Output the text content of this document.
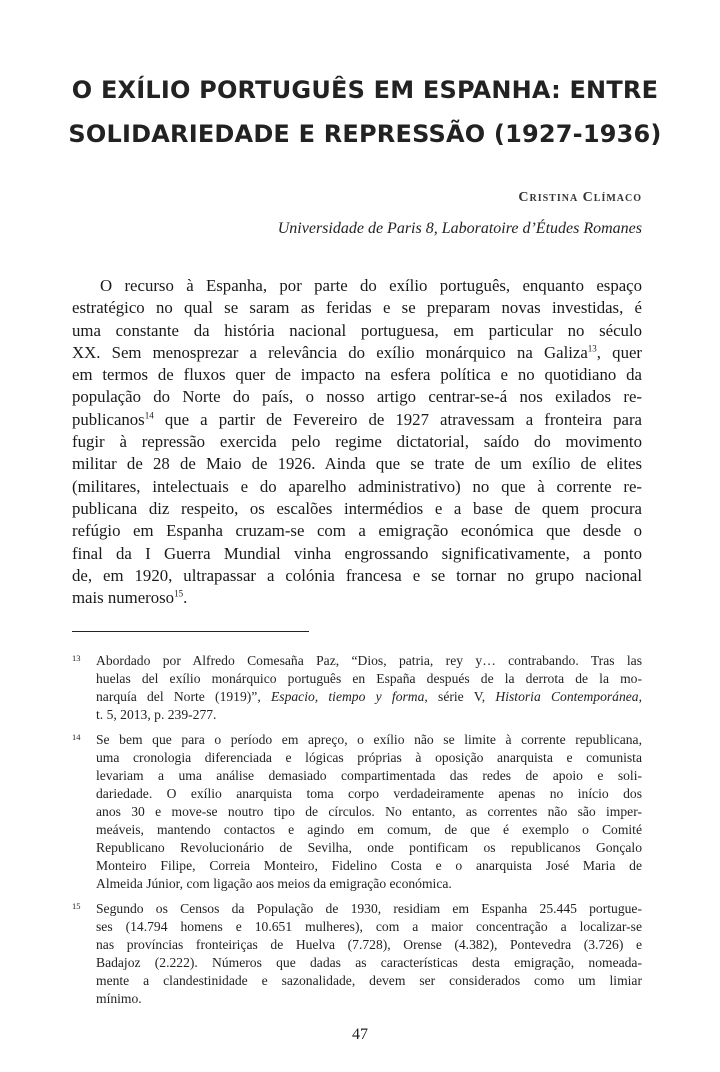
O EXÍLIO PORTUGUÊS EM ESPANHA: ENTRE
SOLIDARIEDADE E REPRESSÃO (1927-1936)
Cristina Clímaco
Universidade de Paris 8, Laboratoire d’Études Romanes
O recurso à Espanha, por parte do exílio português, enquanto espaço
estratégico no qual se saram as feridas e se preparam novas investidas, é
uma constante da história nacional portuguesa, em particular no século
XX. Sem menosprezar a relevância do exílio monárquico na Galiza$^{13}$, quer
em termos de fluxos quer de impacto na esfera política e no quotidiano da
população do Norte do país, o nosso artigo centrar-se-á nos exilados re-
publicanos$^{14}$ que a partir de Fevereiro de 1927 atravessam a fronteira para
fugir à repressão exercida pelo regime dictatorial, saído do movimento
militar de 28 de Maio de 1926. Ainda que se trate de um exílio de elites
(militares, intelectuais e do aparelho administrativo) no que à corrente re-
publicana diz respeito, os escalões intermédios e a base de quem procura
refúgio em Espanha cruzam-se com a emigração económica que desde o
final da I Guerra Mundial vinha engrossando significativamente, a ponto
de, em 1920, ultrapassar a colónia francesa e se tornar no grupo nacional
mais numeroso$^{15}$.
13 Abordado por Alfredo Comesaña Paz, “Dios, patria, rey y… contrabando. Tras las
huelas del exílio monárquico português en España después de la derrota de la mo-
narquía del Norte (1919)”, Espacio, tiempo y forma, série V, Historia Contemporánea,
t. 5, 2013, p. 239-277.
14 Se bem que para o período em apreço, o exílio não se limite à corrente republicana,
uma cronologia diferenciada e lógicas próprias à oposição anarquista e comunista
levariam a uma análise demasiado compartimentada das redes de apoio e soli-
dariedade. O exílio anarquista toma corpo verdadeiramente apenas no início dos
anos 30 e move-se noutro tipo de círculos. No entanto, as correntes não são imper-
meáveis, mantendo contactos e agindo em comum, de que é exemplo o Comité
Republicano Revolucionário de Sevilha, onde pontificam os republicanos Gonçalo
Monteiro Filipe, Correia Monteiro, Fidelino Costa e o anarquista José Maria de
Almeida Júnior, com ligação aos meios da emigração económica.
15 Segundo os Censos da População de 1930, residiam em Espanha 25.445 portugue-
ses (14.794 homens e 10.651 mulheres), com a maior concentração a localizar-se
nas províncias fronteiriças de Huelva (7.728), Orense (4.382), Pontevedra (3.726) e
Badajoz (2.222). Números que dadas as características desta emigração, nomeada-
mente a clandestinidade e sazonalidade, devem ser considerados como um limiar
mínimo.
47
